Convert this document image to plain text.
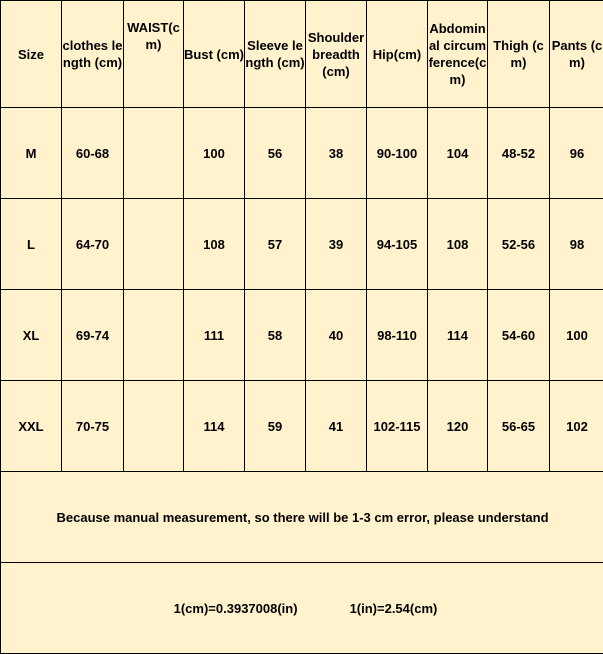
Size	clothes length (cm)	WAIST(cm)	Bust (cm)	Sleeve length (cm)	Shoulder breadth (cm)	Hip(cm)	Abdominal circumference(cm)	Thigh (cm)	Pants (cm)
M	60-68		100	56	38	90-100	104	48-52	96
L	64-70		108	57	39	94-105	108	52-56	98
XL	69-74		111	58	40	98-110	114	54-60	100
XXL	70-75		114	59	41	102-115	120	56-65	102
Because manual measurement, so there will be 1-3 cm error, please understand									

1(cm)=0.3937008(in) 1(in)=2.54(cm)									
